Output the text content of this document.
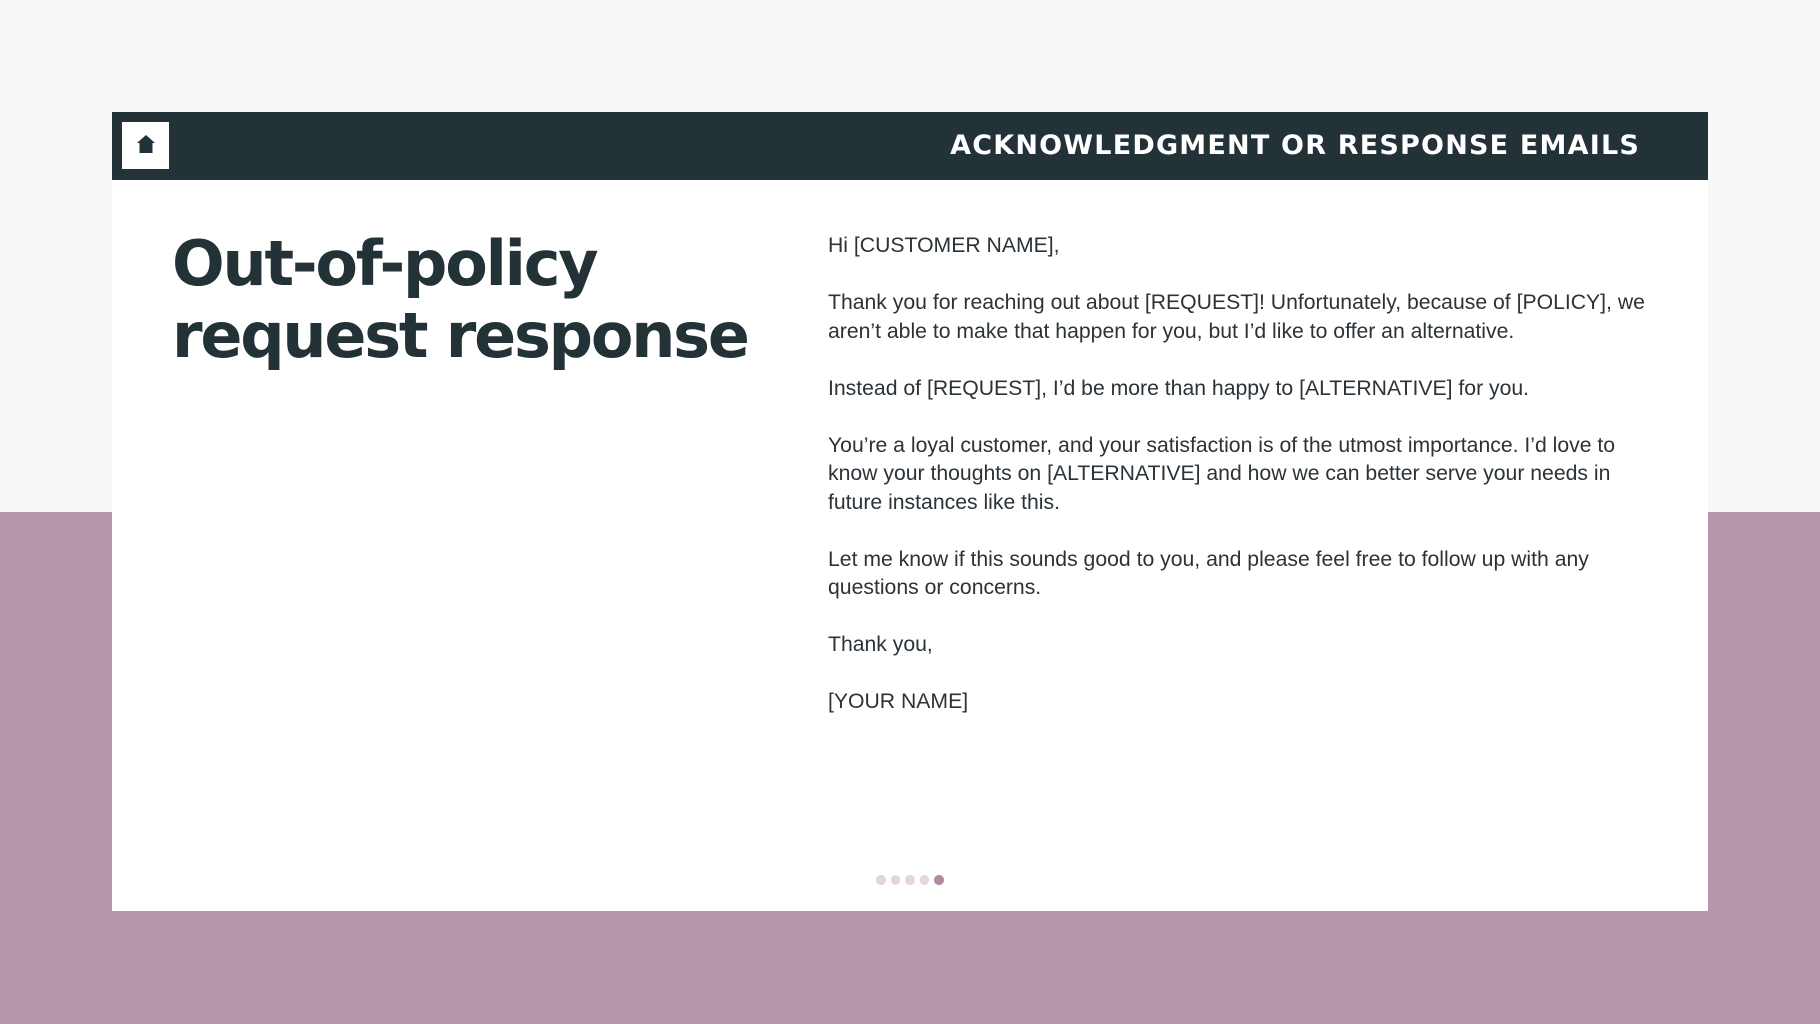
ACKNOWLEDGMENT OR RESPONSE EMAILS
Out-of-policy request response

Hi [CUSTOMER NAME],

Thank you for reaching out about [REQUEST]! Unfortunately, because of [POLICY], we aren’t able to make that happen for you, but I’d like to offer an alternative.

Instead of [REQUEST], I’d be more than happy to [ALTERNATIVE] for you.

You’re a loyal customer, and your satisfaction is of the utmost importance. I’d love to know your thoughts on [ALTERNATIVE] and how we can better serve your needs in future instances like this.

Let me know if this sounds good to you, and please feel free to follow up with any questions or concerns.

Thank you,

[YOUR NAME]
